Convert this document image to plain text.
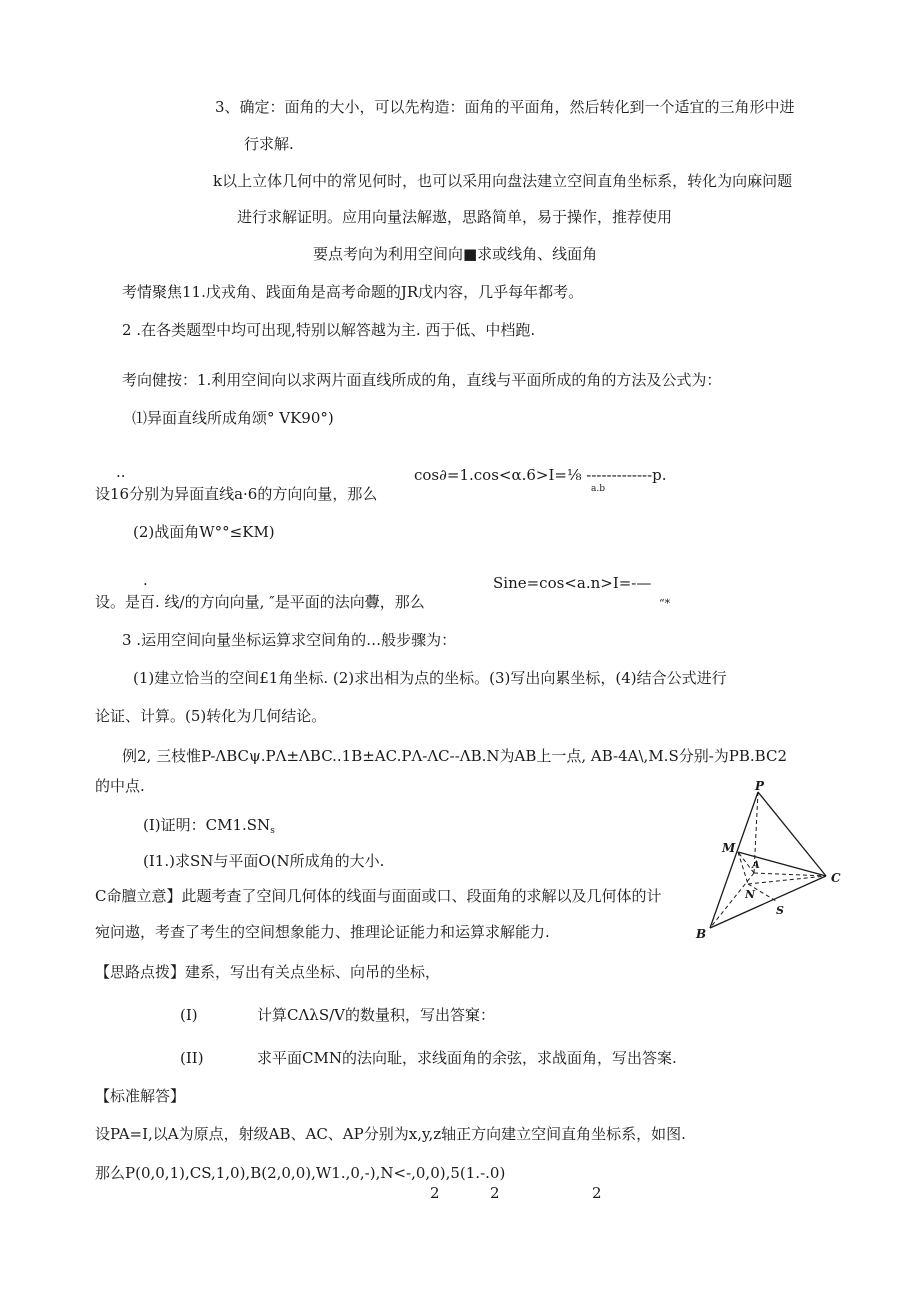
3、确定：面角的大小，可以先构造：面角的平面角，然后转化到一个适宜的三角形中进
行求解.
k以上立体几何中的常见何时，也可以采用向盘法建立空间直角坐标系，转化为向麻问题
进行求解证明。应用向量法解遨，思路简单，易于操作，推荐使用
要点考向为利用空间向■求或线角、线面角
考情聚焦11.戊戎角、践面角是高考命题的JR戊内容，几乎每年都考。
2 .在各类题型中均可出现,特别以解答越为主. 西于低、中档跑.
考向健按：1.利用空间向以求两片面直线所成的角，直线与平面所成的角的方法及公式为：
⑴异面直线所成角颂° VK90°)
..	cos∂=1.cos<α.6>I=⅛ -------------p.
设16分别为异面直线a·6的方向向量，那么	a.b
(2)战面角W°°≤KM)
.	Sine=cos<a.n>I=-—
设。是百. 线/的方向向量, ″是平面的法向虋，那么	“*
3 .运用空间向量坐标运算求空间角的…般步骤为：
(1)建立恰当的空间£1角坐标. (2)求出相为点的坐标。(3)写出向累坐标，(4)结合公式进行
论证、计算。(5)转化为几何结论。
例2, 三枝惟P-ΛBCψ.PΛ±ΛBC..1B±AC.PΛ-ΛC--ΛB.N为AB上一点, AB-4A\,M.S分别-为PB.BC2
的中点.
(I)证明：$CM1.SN_s$
(I1.)求SN与平面O(N所成角的大小.
C命膻立意】此题考查了空间几何体的线面与面面或口、段面角的求解以及几何体的计
宛问遨，考查了考生的空间想象能力、推理论证能力和运算求解能力.
【思路点拨】建系，写出有关点坐标、向吊的坐标，
(I)	计算CΛλS∕V的数量积，写出答窠：
(II)	求平面CMN的法向耻，求线面角的余弦，求战面角，写出答案.
【标准解答】
设PA=I,以A为原点，射级AB、AC、AP分别为x,y,z轴正方向建立空间直角坐标系，如图.
那么P(0,0,1),CS,1,0),B(2,0,0),W1.,0,-),N<-,0,0),5(1.-.0)
2	2	2
P
M
A
N
C
S
B
